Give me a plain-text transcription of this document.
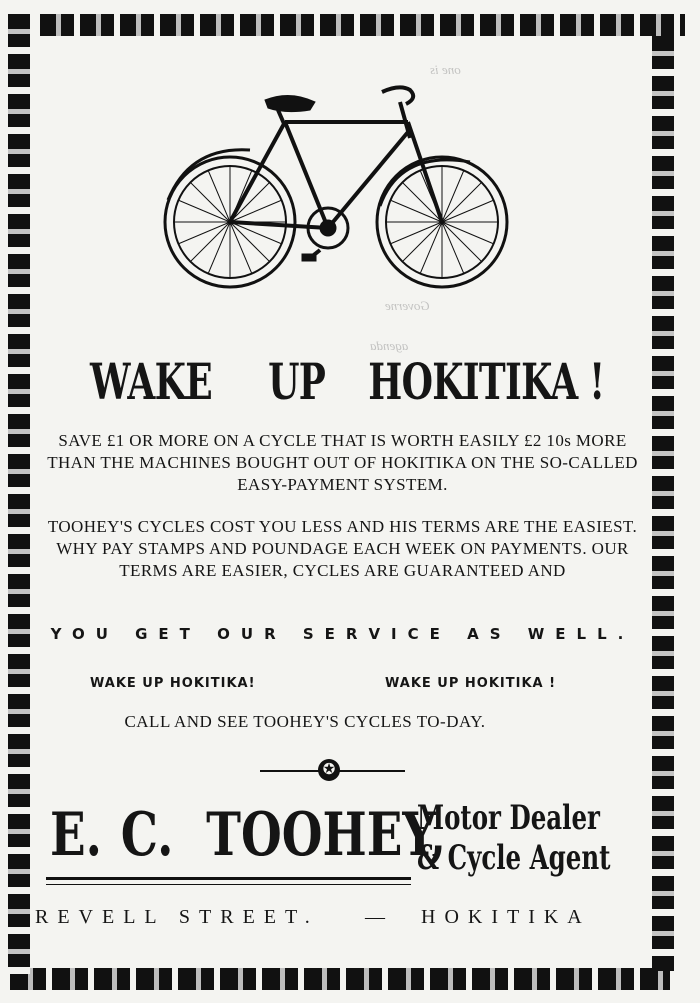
one is
Governe
agenda
WAKE UP HOKITIKA !
SAVE £1 OR MORE ON A CYCLE THAT IS WORTH EASILY £2 10s MORE THAN THE MACHINES BOUGHT OUT OF HOKITIKA ON THE SO-CALLED EASY-PAYMENT SYSTEM.
TOOHEY'S CYCLES COST YOU LESS AND HIS TERMS ARE THE EASIEST. WHY PAY STAMPS AND POUNDAGE EACH WEEK ON PAYMENTS. OUR TERMS ARE EASIER, CYCLES ARE GUARANTEED AND
YOU GET OUR SERVICE AS WELL.
WAKE UP HOKITIKA!	WAKE UP HOKITIKA !
CALL AND SEE TOOHEY'S CYCLES TO-DAY.
✪
E. C. TOOHEY,
Motor Dealer
& Cycle Agent
REVELL STREET. — HOKITIKA
